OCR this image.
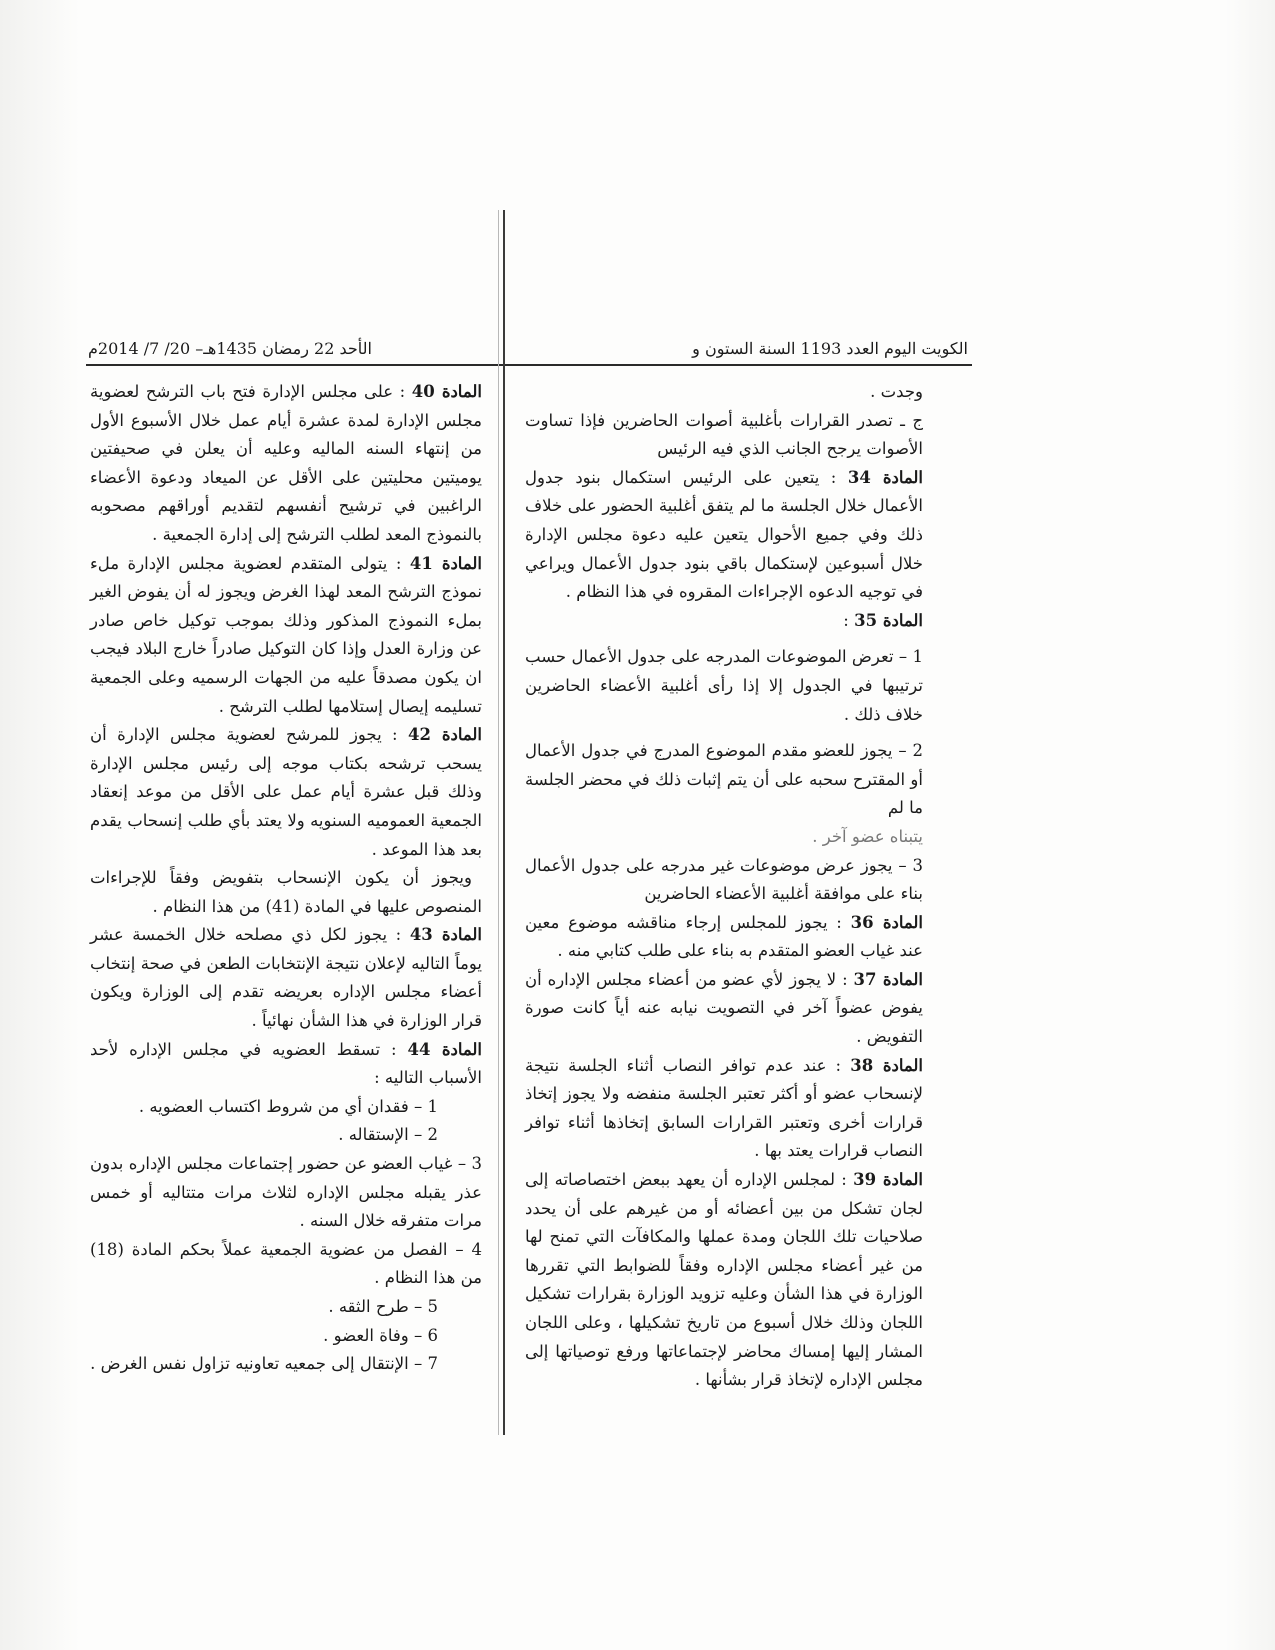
الكويت اليوم العدد 1193 السنة الستون و
الأحد 22 رمضان 1435هـ– 20/ 7/ 2014م

وجدت .

ج ـ تصدر القرارات بأغلبية أصوات الحاضرين فإذا تساوت الأصوات يرجح الجانب الذي فيه الرئيس

المادة 34 : يتعين على الرئيس استكمال بنود جدول الأعمال خلال الجلسة ما لم يتفق أغلبية الحضور على خلاف ذلك وفي جميع الأحوال يتعين عليه دعوة مجلس الإدارة خلال أسبوعين لإستكمال باقي بنود جدول الأعمال ويراعي في توجيه الدعوه الإجراءات المقروه في هذا النظام .

المادة 35 :

1 – تعرض الموضوعات المدرجه على جدول الأعمال حسب ترتيبها في الجدول إلا إذا رأى أغلبية الأعضاء الحاضرين خلاف ذلك .

2 – يجوز للعضو مقدم الموضوع المدرج في جدول الأعمال أو المقترح سحبه على أن يتم إثبات ذلك في محضر الجلسة ما لم

يتبناه عضو آخر .

3 – يجوز عرض موضوعات غير مدرجه على جدول الأعمال بناء على موافقة أغلبية الأعضاء الحاضرين

المادة 36 : يجوز للمجلس إرجاء مناقشه موضوع معين عند غياب العضو المتقدم به بناء على طلب كتابي منه .

المادة 37 : لا يجوز لأي عضو من أعضاء مجلس الإداره أن يفوض عضواً آخر في التصويت نيابه عنه أياً كانت صورة التفويض .

المادة 38 : عند عدم توافر النصاب أثناء الجلسة نتيجة لإنسحاب عضو أو أكثر تعتبر الجلسة منفضه ولا يجوز إتخاذ قرارات أخرى وتعتبر القرارات السابق إتخاذها أثناء توافر النصاب قرارات يعتد بها .

المادة 39 : لمجلس الإداره أن يعهد ببعض اختصاصاته إلى لجان تشكل من بين أعضائه أو من غيرهم على أن يحدد صلاحيات تلك اللجان ومدة عملها والمكافآت التي تمنح لها من غير أعضاء مجلس الإداره وفقاً للضوابط التي تقررها الوزارة في هذا الشأن وعليه تزويد الوزارة بقرارات تشكيل اللجان وذلك خلال أسبوع من تاريخ تشكيلها ، وعلى اللجان المشار إليها إمساك محاضر لإجتماعاتها ورفع توصياتها إلى مجلس الإداره لإتخاذ قرار بشأنها .

المادة 40 : على مجلس الإدارة فتح باب الترشح لعضوية مجلس الإدارة لمدة عشرة أيام عمل خلال الأسبوع الأول من إنتهاء السنه الماليه وعليه أن يعلن في صحيفتين يوميتين محليتين على الأقل عن الميعاد ودعوة الأعضاء الراغبين في ترشيح أنفسهم لتقديم أوراقهم مصحوبه بالنموذج المعد لطلب الترشح إلى إدارة الجمعية .

المادة 41 : يتولى المتقدم لعضوية مجلس الإدارة ملء نموذج الترشح المعد لهذا الغرض ويجوز له أن يفوض الغير بملء النموذج المذكور وذلك بموجب توكيل خاص صادر عن وزارة العدل وإذا كان التوكيل صادراً خارج البلاد فيجب ان يكون مصدقاً عليه من الجهات الرسميه وعلى الجمعية تسليمه إيصال إستلامها لطلب الترشح .

المادة 42 : يجوز للمرشح لعضوية مجلس الإدارة أن يسحب ترشحه بكتاب موجه إلى رئيس مجلس الإدارة وذلك قبل عشرة أيام عمل على الأقل من موعد إنعقاد الجمعية العموميه السنويه ولا يعتد بأي طلب إنسحاب يقدم بعد هذا الموعد .

ويجوز أن يكون الإنسحاب بتفويض وفقاً للإجراءات المنصوص عليها في المادة (41) من هذا النظام .

المادة 43 : يجوز لكل ذي مصلحه خلال الخمسة عشر يوماً التاليه لإعلان نتيجة الإنتخابات الطعن في صحة إنتخاب أعضاء مجلس الإداره بعريضه تقدم إلى الوزارة ويكون قرار الوزارة في هذا الشأن نهائياً .

المادة 44 : تسقط العضويه في مجلس الإداره لأحد الأسباب التاليه :

1 – فقدان أي من شروط اكتساب العضويه .

2 – الإستقاله .

3 – غياب العضو عن حضور إجتماعات مجلس الإداره بدون عذر يقبله مجلس الإداره لثلاث مرات متتاليه أو خمس مرات متفرقه خلال السنه .

4 – الفصل من عضوية الجمعية عملاً بحكم المادة (18) من هذا النظام .

5 – طرح الثقه .

6 – وفاة العضو .

7 – الإنتقال إلى جمعيه تعاونيه تزاول نفس الغرض .
